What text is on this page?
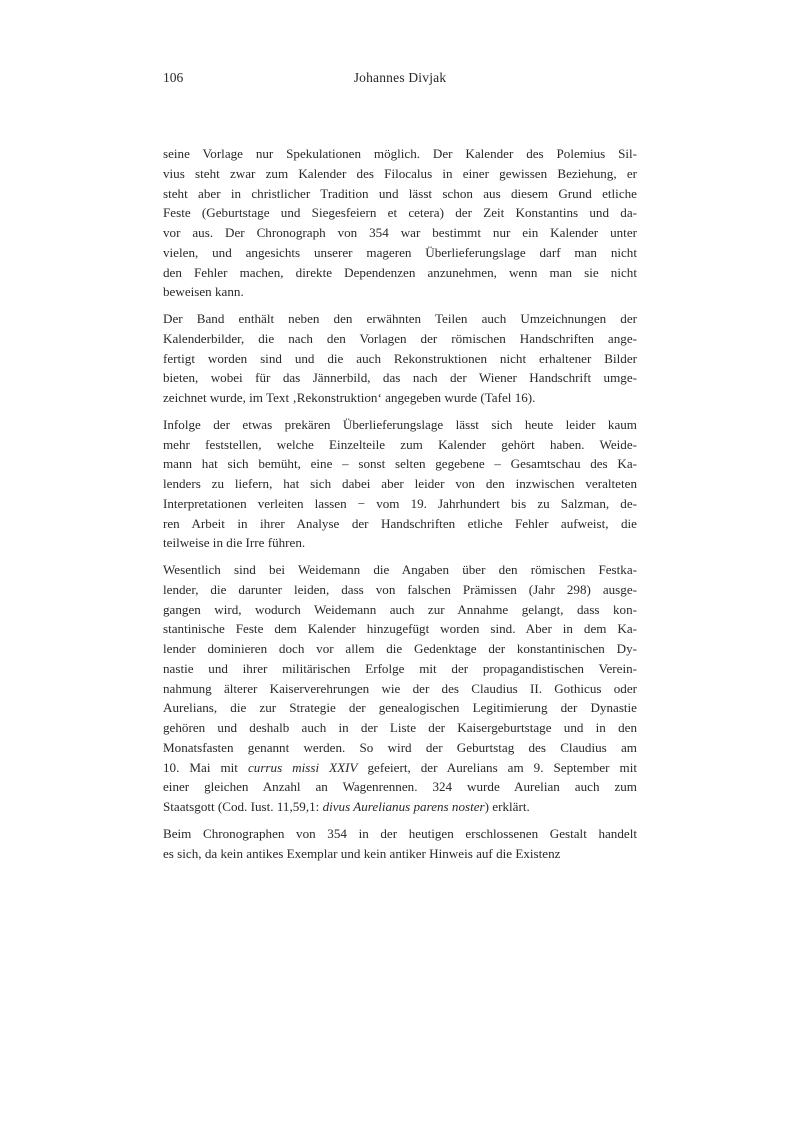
106	Johannes Divjak
seine Vorlage nur Spekulationen möglich. Der Kalender des Polemius Sil-
vius steht zwar zum Kalender des Filocalus in einer gewissen Beziehung, er
steht aber in christlicher Tradition und lässt schon aus diesem Grund etliche
Feste (Geburtstage und Siegesfeiern et cetera) der Zeit Konstantins und da-
vor aus. Der Chronograph von 354 war bestimmt nur ein Kalender unter
vielen, und angesichts unserer mageren Überlieferungslage darf man nicht
den Fehler machen, direkte Dependenzen anzunehmen, wenn man sie nicht
beweisen kann.
Der Band enthält neben den erwähnten Teilen auch Umzeichnungen der
Kalenderbilder, die nach den Vorlagen der römischen Handschriften ange-
fertigt worden sind und die auch Rekonstruktionen nicht erhaltener Bilder
bieten, wobei für das Jännerbild, das nach der Wiener Handschrift umge-
zeichnet wurde, im Text ‚Rekonstruktion‘ angegeben wurde (Tafel 16).
Infolge der etwas prekären Überlieferungslage lässt sich heute leider kaum
mehr feststellen, welche Einzelteile zum Kalender gehört haben. Weide-
mann hat sich bemüht, eine – sonst selten gegebene – Gesamtschau des Ka-
lenders zu liefern, hat sich dabei aber leider von den inzwischen veralteten
Interpretationen verleiten lassen − vom 19. Jahrhundert bis zu Salzman, de-
ren Arbeit in ihrer Analyse der Handschriften etliche Fehler aufweist, die
teilweise in die Irre führen.
Wesentlich sind bei Weidemann die Angaben über den römischen Festka-
lender, die darunter leiden, dass von falschen Prämissen (Jahr 298) ausge-
gangen wird, wodurch Weidemann auch zur Annahme gelangt, dass kon-
stantinische Feste dem Kalender hinzugefügt worden sind. Aber in dem Ka-
lender dominieren doch vor allem die Gedenktage der konstantinischen Dy-
nastie und ihrer militärischen Erfolge mit der propagandistischen Verein-
nahmung älterer Kaiserverehrungen wie der des Claudius II. Gothicus oder
Aurelians, die zur Strategie der genealogischen Legitimierung der Dynastie
gehören und deshalb auch in der Liste der Kaisergeburtstage und in den
Monatsfasten genannt werden. So wird der Geburtstag des Claudius am
10. Mai mit currus missi XXIV gefeiert, der Aurelians am 9. September mit
einer gleichen Anzahl an Wagenrennen. 324 wurde Aurelian auch zum
Staatsgott (Cod. Iust. 11,59,1: divus Aurelianus parens noster) erklärt.
Beim Chronographen von 354 in der heutigen erschlossenen Gestalt handelt
es sich, da kein antikes Exemplar und kein antiker Hinweis auf die Existenz
